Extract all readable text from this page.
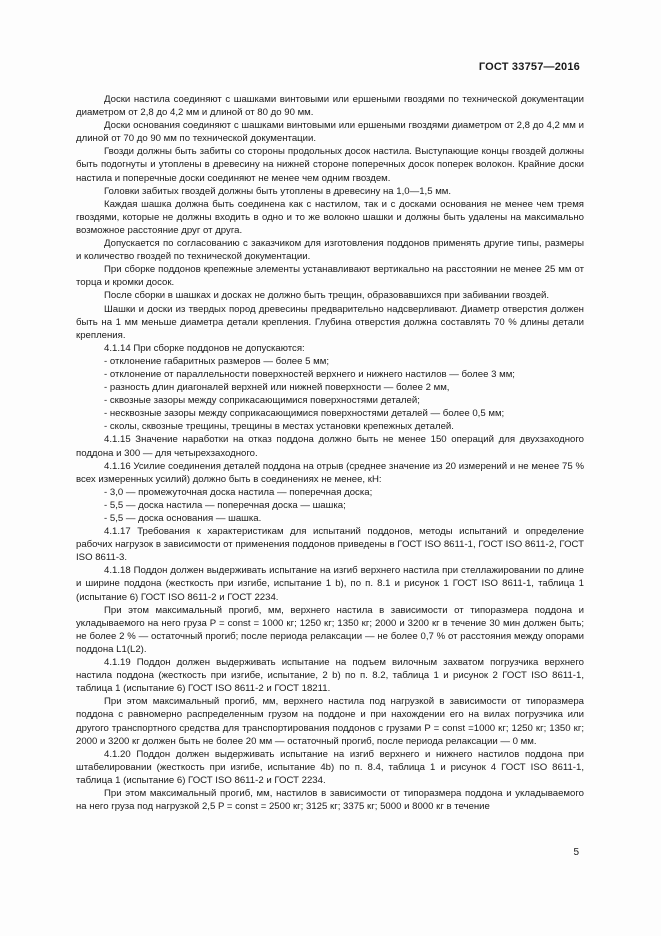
ГОСТ 33757—2016

Доски настила соединяют с шашками винтовыми или ершеными гвоздями по технической документации диаметром от 2,8 до 4,2 мм и длиной от 80 до 90 мм.

Доски основания соединяют с шашками винтовыми или ершеными гвоздями диаметром от 2,8 до 4,2 мм и длиной от 70 до 90 мм по технической документации.

Гвозди должны быть забиты со стороны продольных досок настила. Выступающие концы гвоздей должны быть подогнуты и утоплены в древесину на нижней стороне поперечных досок поперек волокон. Крайние доски настила и поперечные доски соединяют не менее чем одним гвоздем.

Головки забитых гвоздей должны быть утоплены в древесину на 1,0—1,5 мм.

Каждая шашка должна быть соединена как с настилом, так и с досками основания не менее чем тремя гвоздями, которые не должны входить в одно и то же волокно шашки и должны быть удалены на максимально возможное расстояние друг от друга.

Допускается по согласованию с заказчиком для изготовления поддонов применять другие типы, размеры и количество гвоздей по технической документации.

При сборке поддонов крепежные элементы устанавливают вертикально на расстоянии не менее 25 мм от торца и кромки досок.

После сборки в шашках и досках не должно быть трещин, образовавшихся при забивании гвоздей.

Шашки и доски из твердых пород древесины предварительно надсверливают. Диаметр отверстия должен быть на 1 мм меньше диаметра детали крепления. Глубина отверстия должна составлять 70 % длины детали крепления.

4.1.14 При сборке поддонов не допускаются:

- отклонение габаритных размеров — более 5 мм;

- отклонение от параллельности поверхностей верхнего и нижнего настилов — более 3 мм;

- разность длин диагоналей верхней или нижней поверхности — более 2 мм,

- сквозные зазоры между соприкасающимися поверхностями деталей;

- несквозные зазоры между соприкасающимися поверхностями деталей — более 0,5 мм;

- сколы, сквозные трещины, трещины в местах установки крепежных деталей.

4.1.15 Значение наработки на отказ поддона должно быть не менее 150 операций для двухзаходного поддона и 300 — для четырехзаходного.

4.1.16 Усилие соединения деталей поддона на отрыв (среднее значение из 20 измерений и не менее 75 % всех измеренных усилий) должно быть в соединениях не менее, кН:

- 3,0 — промежуточная доска настила — поперечная доска;

- 5,5 — доска настила — поперечная доска — шашка;

- 5,5 — доска основания — шашка.

4.1.17 Требования к характеристикам для испытаний поддонов, методы испытаний и определение рабочих нагрузок в зависимости от применения поддонов приведены в ГОСТ ISO 8611-1, ГОСТ ISO 8611-2, ГОСТ ISO 8611-3.

4.1.18 Поддон должен выдерживать испытание на изгиб верхнего настила при стеллажировании по длине и ширине поддона (жесткость при изгибе, испытание 1 b), по п. 8.1 и рисунок 1 ГОСТ ISO 8611-1, таблица 1 (испытание 6) ГОСТ ISO 8611-2 и ГОСТ 2234.

При этом максимальный прогиб, мм, верхнего настила в зависимости от типоразмера поддона и укладываемого на него груза P = const = 1000 кг; 1250 кг; 1350 кг; 2000 и 3200 кг в течение 30 мин должен быть; не более 2 % — остаточный прогиб; после периода релаксации — не более 0,7 % от расстояния между опорами поддона L1(L2).

4.1.19 Поддон должен выдерживать испытание на подъем вилочным захватом погрузчика верхнего настила поддона (жесткость при изгибе, испытание, 2 b) по п. 8.2, таблица 1 и рисунок 2 ГОСТ ISO 8611-1, таблица 1 (испытание 6) ГОСТ ISO 8611-2 и ГОСТ 18211.

При этом максимальный прогиб, мм, верхнего настила под нагрузкой в зависимости от типоразмера поддона с равномерно распределенным грузом на поддоне и при нахождении его на вилах погрузчика или другого транспортного средства для транспортирования поддонов с грузами P = const =1000 кг; 1250 кг; 1350 кг; 2000 и 3200 кг должен быть не более 20 мм — остаточный прогиб, после периода релаксации — 0 мм.

4.1.20 Поддон должен выдерживать испытание на изгиб верхнего и нижнего настилов поддона при штабелировании (жесткость при изгибе, испытание 4b) по п. 8.4, таблица 1 и рисунок 4 ГОСТ ISO 8611-1, таблица 1 (испытание 6) ГОСТ ISO 8611-2 и ГОСТ 2234.

При этом максимальный прогиб, мм, настилов в зависимости от типоразмера поддона и укладываемого на него груза под нагрузкой 2,5 P = const = 2500 кг; 3125 кг; 3375 кг; 5000 и 8000 кг в течение

5
